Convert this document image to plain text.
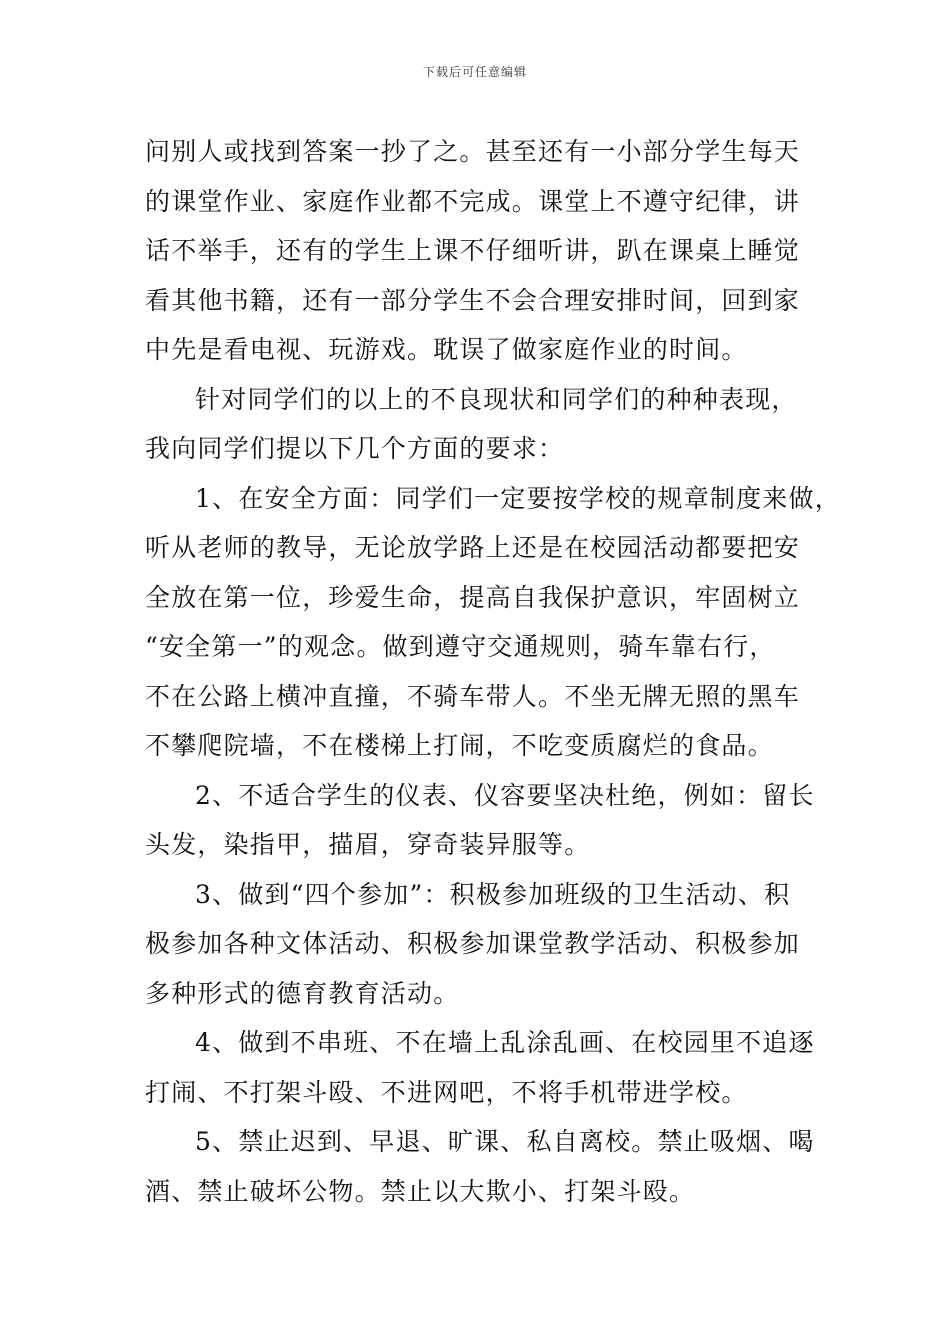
下载后可任意编辑
问别人或找到答案一抄了之。甚至还有一小部分学生每天
的课堂作业、家庭作业都不完成。课堂上不遵守纪律，讲
话不举手，还有的学生上课不仔细听讲，趴在课桌上睡觉
看其他书籍，还有一部分学生不会合理安排时间，回到家
中先是看电视、玩游戏。耽误了做家庭作业的时间。
针对同学们的以上的不良现状和同学们的种种表现，
我向同学们提以下几个方面的要求：
1、在安全方面：同学们一定要按学校的规章制度来做，
听从老师的教导，无论放学路上还是在校园活动都要把安
全放在第一位，珍爱生命，提高自我保护意识，牢固树立
“安全第一”的观念。做到遵守交通规则，骑车靠右行，
不在公路上横冲直撞，不骑车带人。不坐无牌无照的黑车
不攀爬院墙，不在楼梯上打闹，不吃变质腐烂的食品。
2、不适合学生的仪表、仪容要坚决杜绝，例如：留长
头发，染指甲，描眉，穿奇装异服等。
3、做到“四个参加”：积极参加班级的卫生活动、积
极参加各种文体活动、积极参加课堂教学活动、积极参加
多种形式的德育教育活动。
4、做到不串班、不在墙上乱涂乱画、在校园里不追逐
打闹、不打架斗殴、不进网吧，不将手机带进学校。
5、禁止迟到、早退、旷课、私自离校。禁止吸烟、喝
酒、禁止破坏公物。禁止以大欺小、打架斗殴。
